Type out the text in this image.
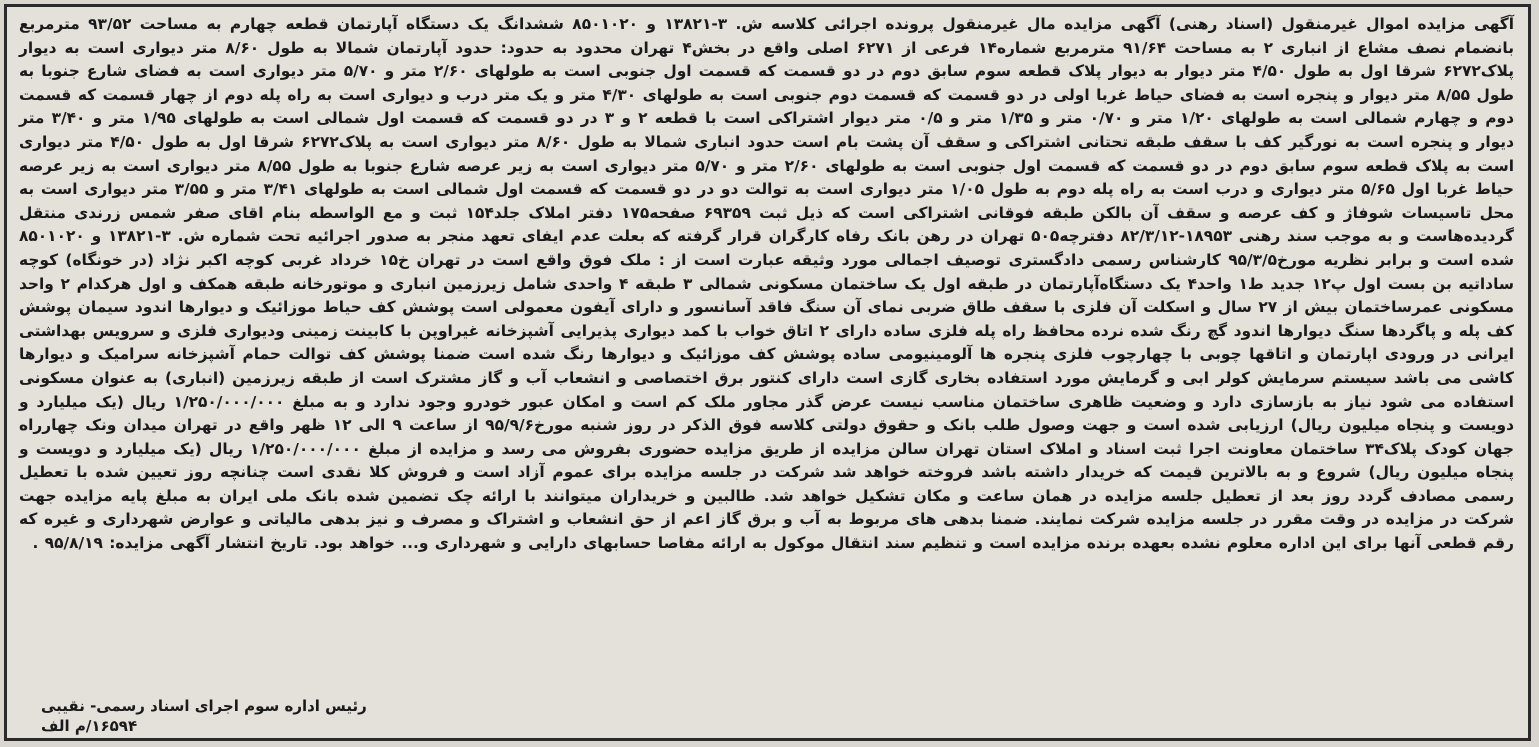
آگهی مزایده اموال غیرمنقول (اسناد رهنی) آگهی مزایده مال غیرمنقول پرونده اجرائی کلاسه ش. ۳-۱۳۸۲۱ و ۸۵۰۱۰۲۰ ششدانگ یک دستگاه آپارتمان قطعه چهارم به مساحت ۹۳/۵۲ مترمربع بانضمام نصف مشاع از انباری ۲ به مساحت ۹۱/۶۴ مترمربع شماره۱۴ فرعی از ۶۲۷۱ اصلی واقع در بخش۴ تهران محدود به حدود: حدود آپارتمان شمالا به طول ۸/۶۰ متر دیواری است به دیوار پلاک۶۲۷۲ شرقا اول به طول ۴/۵۰ متر دیوار به دیوار پلاک قطعه سوم سابق دوم در دو قسمت که قسمت اول جنوبی است به طولهای ۲/۶۰ متر و ۵/۷۰ متر دیواری است به فضای شارع جنوبا به طول ۸/۵۵ متر دیوار و پنجره است به فضای حیاط غربا اولی در دو قسمت که قسمت دوم جنوبی است به طولهای ۴/۳۰ متر و یک متر درب و دیواری است به راه پله دوم از چهار قسمت که قسمت دوم و چهارم شمالی است به طولهای ۱/۲۰ متر و ۰/۷۰ متر و ۱/۳۵ متر و ۰/۵ متر دیوار اشتراکی است با قطعه ۲ و ۳ در دو قسمت که قسمت اول شمالی است به طولهای ۱/۹۵ متر و ۳/۴۰ متر دیوار و پنجره است به نورگیر کف با سقف طبقه تحتانی اشتراکی و سقف آن پشت بام است حدود انباری شمالا به طول ۸/۶۰ متر دیواری است به پلاک۶۲۷۲ شرقا اول به طول ۴/۵۰ متر دیواری است به پلاک قطعه سوم سابق دوم در دو قسمت که قسمت اول جنوبی است به طولهای ۲/۶۰ متر و ۵/۷۰ متر دیواری است به زیر عرصه شارع جنوبا به طول ۸/۵۵ متر دیواری است به زیر عرصه حیاط غربا اول ۵/۶۵ متر دیواری و درب است به راه پله دوم به طول ۱/۰۵ متر دیواری است به توالت دو در دو قسمت که قسمت اول شمالی است به طولهای ۳/۴۱ متر و ۳/۵۵ متر دیواری است به محل تاسیسات شوفاژ و کف عرصه و سقف آن بالکن طبقه فوقانی اشتراکی است که ذیل ثبت ۶۹۳۵۹ صفحه۱۷۵ دفتر املاک جلد۱۵۴ ثبت و مع الواسطه بنام اقای صفر شمس زرندی منتقل گردیده‌هاست و به موجب سند رهنی ۱۸۹۵۳-۸۲/۳/۱۲ دفترچه۵۰۵ تهران در رهن بانک رفاه کارگران قرار گرفته که بعلت عدم ایفای تعهد منجر به صدور اجرائیه تحت شماره ش. ۳-۱۳۸۲۱ و ۸۵۰۱۰۲۰ شده است و برابر نظریه مورخ۹۵/۳/۵ کارشناس رسمی دادگستری توصیف اجمالی مورد وثیقه عبارت است از : ملک فوق واقع است در تهران خ۱۵ خرداد غربی کوچه اکبر نژاد (در خونگاه) کوچه ساداتیه بن بست اول پ۱۲ جدید ط۱ واحد۴ یک دستگاه‌آپارتمان در طبقه اول یک ساختمان مسکونی شمالی ۳ طبقه ۴ واحدی شامل زیرزمین انباری و موتورخانه طبقه همکف و اول هرکدام ۲ واحد مسکونی عمرساختمان بیش از ۲۷ سال و اسکلت آن فلزی با سقف طاق ضربی نمای آن سنگ فاقد آسانسور و دارای آیفون معمولی است پوشش کف حیاط موزائیک و دیوارها اندود سیمان پوشش کف پله و پاگردها سنگ دیوارها اندود گچ رنگ شده نرده محافظ راه پله فلزی ساده دارای ۲ اتاق خواب با کمد دیواری پذیرایی آشپزخانه غیراوپن با کابینت زمینی ودیواری فلزی و سرویس بهداشتی ایرانی در ورودی اپارتمان و اتاقها چوبی با چهارچوب فلزی پنجره ها آلومینیومی ساده پوشش کف موزائیک و دیوارها رنگ شده است ضمنا پوشش کف توالت حمام آشپزخانه سرامیک و دیوارها کاشی می باشد سیستم سرمایش کولر ابی و گرمایش مورد استفاده بخاری گازی است دارای کنتور برق اختصاصی و انشعاب آب و گاز مشترک است از طبقه زیرزمین (انباری) به عنوان مسکونی استفاده می شود نیاز به بازسازی دارد و وضعیت ظاهری ساختمان مناسب نیست عرض گذر مجاور ملک کم است و امکان عبور خودرو وجود ندارد و به مبلغ ۱/۲۵۰/۰۰۰/۰۰۰ ریال (یک میلیارد و دویست و پنجاه میلیون ریال) ارزیابی شده است و جهت وصول طلب بانک و حقوق دولتی کلاسه فوق الذکر در روز شنبه مورخ۹۵/۹/۶ از ساعت ۹ الی ۱۲ ظهر واقع در تهران میدان ونک چهارراه جهان کودک پلاک۳۴ ساختمان معاونت اجرا ثبت اسناد و املاک استان تهران سالن مزایده از طریق مزایده حضوری بفروش می رسد و مزایده از مبلغ ۱/۲۵۰/۰۰۰/۰۰۰ ریال (یک میلیارد و دویست و پنجاه میلیون ریال) شروع و به بالاترین قیمت که خریدار داشته باشد فروخته خواهد شد شرکت در جلسه مزایده برای عموم آزاد است و فروش کلا نقدی است چنانچه روز تعیین شده با تعطیل رسمی مصادف گردد روز بعد از تعطیل جلسه مزایده در همان ساعت و مکان تشکیل خواهد شد. طالبین و خریداران میتوانند با ارائه چک تضمین شده بانک ملی ایران به مبلغ پایه مزایده جهت شرکت در مزایده در وقت مقرر در جلسه مزایده شرکت نمایند. ضمنا بدهی های مربوط به آب و برق گاز اعم از حق انشعاب و اشتراک و مصرف و نیز بدهی مالیاتی و عوارض شهرداری و غیره که رقم قطعی آنها برای این اداره معلوم نشده بعهده برنده مزایده است و تنظیم سند انتقال موکول به ارائه مفاصا حسابهای دارایی و شهرداری و... خواهد بود. تاریخ انتشار آگهی مزایده: ۹۵/۸/۱۹ .
رئیس اداره سوم اجرای اسناد رسمی- نقیبی
۱۶۵۹۴/م الف
